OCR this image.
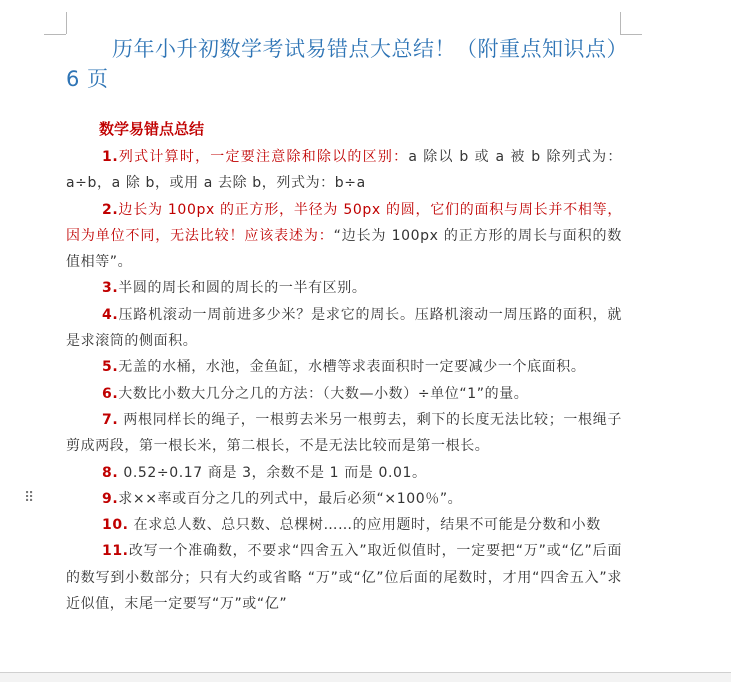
历年小升初数学考试易错点大总结！（附重点知识点）6 页
数学易错点总结

1.列式计算时，一定要注意除和除以的区别：a 除以 b 或 a 被 b 除列式为：a÷b，a 除 b，或用 a 去除 b，列式为：b÷a

2.边长为 100px 的正方形，半径为 50px 的圆，它们的面积与周长并不相等，因为单位不同，无法比较！应该表述为：“边长为 100px 的正方形的周长与面积的数值相等”。

3.半圆的周长和圆的周长的一半有区别。

4.压路机滚动一周前进多少米？是求它的周长。压路机滚动一周压路的面积，就是求滚筒的侧面积。

5.无盖的水桶，水池，金鱼缸，水槽等求表面积时一定要减少一个底面积。

6.大数比小数大几分之几的方法：（大数—小数）÷单位“1”的量。

7. 两根同样长的绳子，一根剪去米另一根剪去，剩下的长度无法比较；一根绳子剪成两段，第一根长米，第二根长，不是无法比较而是第一根长。

8. 0.52÷0.17 商是 3，余数不是 1 而是 0.01。

9.求××率或百分之几的列式中，最后必须“×100％”。

10. 在求总人数、总只数、总棵树……的应用题时，结果不可能是分数和小数

11.改写一个准确数，不要求“四舍五入”取近似值时，一定要把“万”或“亿”后面的数写到小数部分；只有大约或省略 “万”或“亿”位后面的尾数时，才用“四舍五入”求近似值，末尾一定要写“万”或“亿”

⠿
